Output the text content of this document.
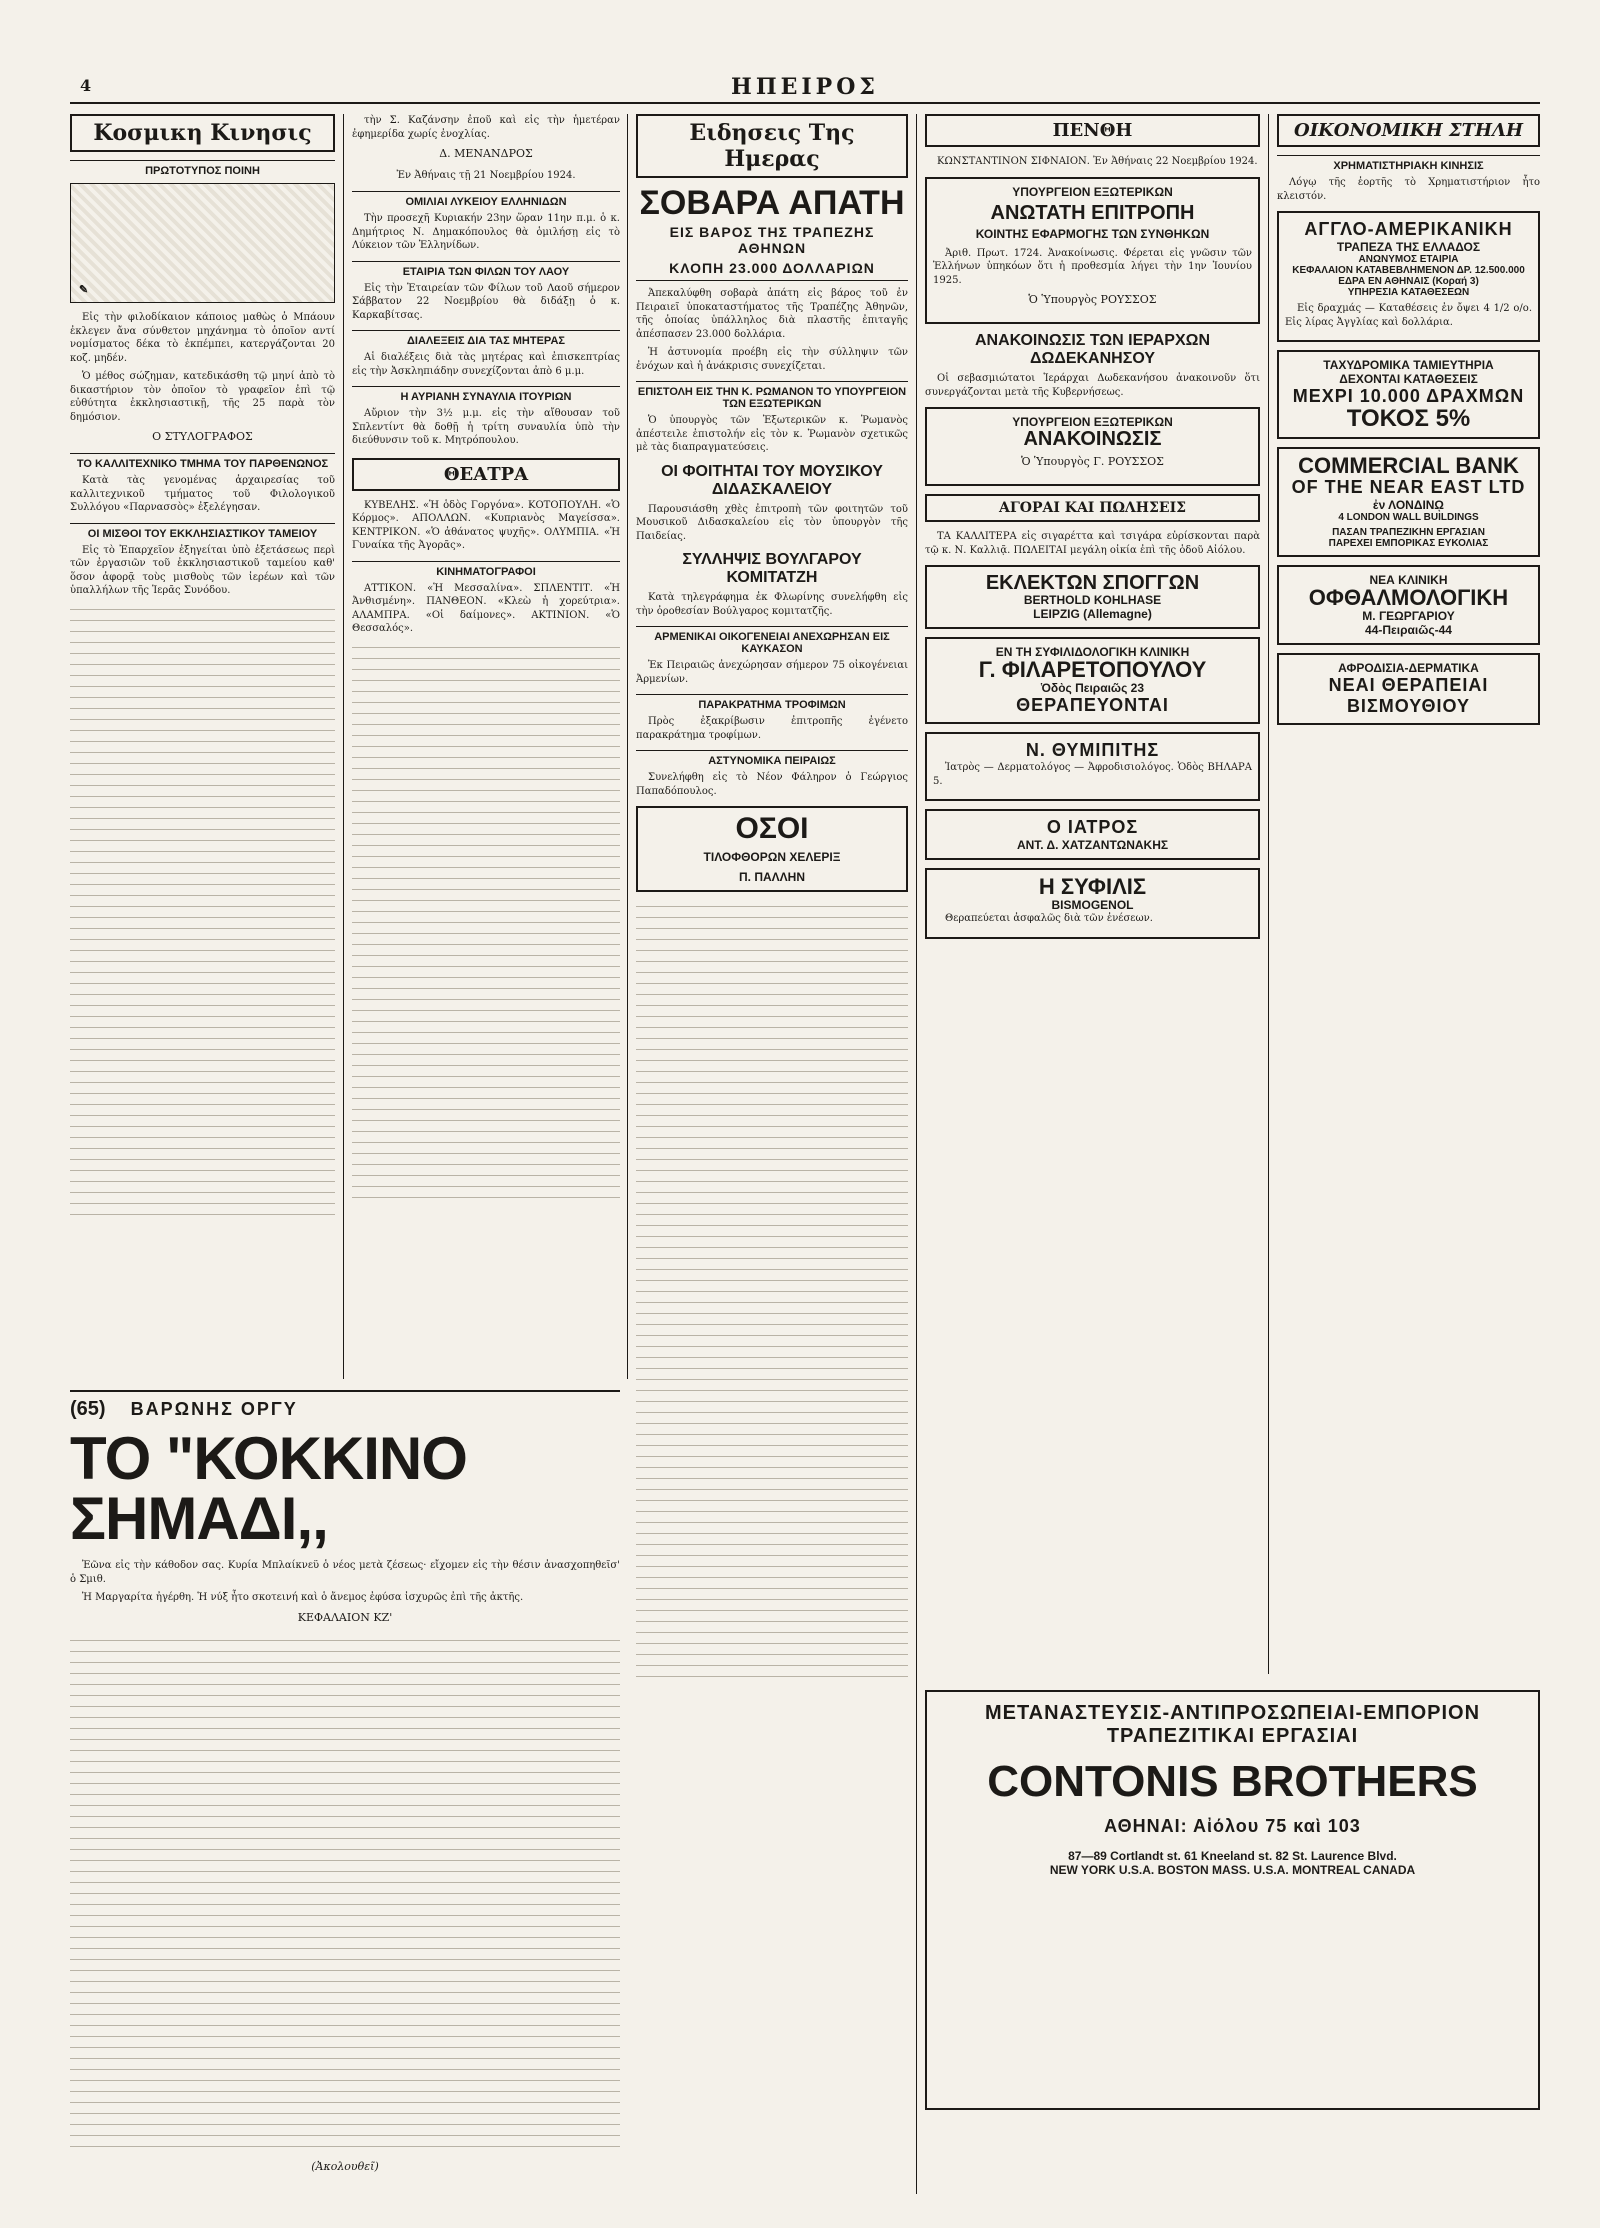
4	ΗΠΕΙΡΟΣ
Κοσμικη Κινησις
ΠΡΩΤΟΤΥΠΟΣ ΠΟΙΝΗ
✎

Εἰς τὴν φιλοδίκαιον κάποιος μαθὼς ὁ Μπάουν ἐκλεγεν ἄνα σύνθετον μηχάνημα τὸ ὁποῖον αντί νομίσματος δέκα τὸ ἐκπέμπει, κατεργάζονται 20 κοζ. μηδέν.

Ὁ μέθος σώζημαν, κατεδικάσθη τῷ μηνί ἀπὸ τὸ δικαστήριον τὸν ὁποῖον τὸ γραφεῖον ἐπὶ τῷ εὐθύτητα ἐκκλησιαστικῇ, τῆς 25 παρὰ τὸν δημόσιον.

Ο ΣΤΥΛΟΓΡΑΦΟΣ
ΤΟ ΚΑΛΛΙΤΕΧΝΙΚΟ ΤΜΗΜΑ ΤΟΥ ΠΑΡΘΕΝΩΝΟΣ

Κατὰ τὰς γενομένας ἀρχαιρεσίας τοῦ καλλιτεχνικοῦ τμήματος τοῦ Φιλολογικοῦ Συλλόγου «Παρνασσὸς» ἐξελέγησαν.

ΟΙ ΜΙΣΘΟΙ ΤΟΥ ΕΚΚΛΗΣΙΑΣΤΙΚΟΥ ΤΑΜΕΙΟΥ

Εἰς τὸ Ἐπαρχεῖον ἐξηγείται ὑπὸ ἐξετάσεως περὶ τῶν ἐργασιῶν τοῦ ἐκκλησιαστικοῦ ταμείου καθ' ὅσον ἀφορᾷ τοὺς μισθοὺς τῶν ἱερέων καὶ τῶν ὑπαλλήλων τῆς Ἱερᾶς Συνόδου.

τὴν Σ. Καζάνσην ἐποῦ καὶ εἰς τὴν ἡμετέραν ἐφημερίδα χωρίς ἐνοχλίας.

Δ. ΜΕΝΑΝΔΡΟΣ
Ἐν Ἀθήναις τῇ 21 Νοεμβρίου 1924.
ΟΜΙΛΙΑΙ ΛΥΚΕΙΟΥ ΕΛΛΗΝΙΔΩΝ

Τὴν προσεχῆ Κυριακήν 23ην ὥραν 11ην π.μ. ὁ κ. Δημήτριος Ν. Δημακόπουλος θὰ ὁμιλήσῃ εἰς τὸ Λύκειον τῶν Ἑλληνίδων.

ΕΤΑΙΡΙΑ ΤΩΝ ΦΙΛΩΝ ΤΟΥ ΛΑΟΥ

Εἰς τὴν Ἑταιρείαν τῶν Φίλων τοῦ Λαοῦ σήμερον Σάββατον 22 Νοεμβρίου θὰ διδάξῃ ὁ κ. Καρκαβίτσας.

ΔΙΑΛΕΞΕΙΣ ΔΙΑ ΤΑΣ ΜΗΤΕΡΑΣ

Αἱ διαλέξεις διὰ τὰς μητέρας καὶ ἐπισκεπτρίας εἰς τὴν Ἀσκληπιάδην συνεχίζονται ἀπὸ 6 μ.μ.

Η ΑΥΡΙΑΝΗ ΣΥΝΑΥΛΙΑ ΙΤΟΥΡΙΩΝ

Αὔριον τὴν 3½ μ.μ. εἰς τὴν αἴθουσαν τοῦ Σπλεντίντ θὰ δοθῇ ἡ τρίτη συναυλία ὑπὸ τὴν διεύθυνσιν τοῦ κ. Μητρόπουλου.

ΘΕΑΤΡΑ

ΚΥΒΕΛΗΣ. «Ἡ ὁδὸς Γοργόνα». ΚΟΤΟΠΟΥΛΗ. «Ὁ Κόρμος». ΑΠΟΛΛΩΝ. «Κυπριανὸς Μαγείσσα». ΚΕΝΤΡΙΚΟΝ. «Ὁ ἀθάνατος ψυχῆς». ΟΛΥΜΠΙΑ. «Ἡ Γυναίκα τῆς Ἀγορᾶς».

ΚΙΝΗΜΑΤΟΓΡΑΦΟΙ

ΑΤΤΙΚΟΝ. «Ἡ Μεσσαλίνα». ΣΠΛΕΝΤΙΤ. «Ἡ Ἀνθισμένη». ΠΑΝΘΕΟΝ. «Κλεὼ ἡ χορεύτρια». ΑΛΑΜΠΡΑ. «Οἱ δαίμονες». ΑΚΤΙΝΙΟΝ. «Ὁ Θεσσαλός».

Ειδησεις Της Ημερας
ΣΟΒΑΡΑ ΑΠΑΤΗ
ΕΙΣ ΒΑΡΟΣ ΤΗΣ ΤΡΑΠΕΖΗΣ ΑΘΗΝΩΝ
ΚΛΟΠΗ 23.000 ΔΟΛΛΑΡΙΩΝ

Ἀπεκαλύφθη σοβαρὰ ἀπάτη εἰς βάρος τοῦ ἐν Πειραιεῖ ὑποκαταστήματος τῆς Τραπέζης Ἀθηνῶν, τῆς ὁποίας ὑπάλληλος διὰ πλαστῆς ἐπιταγῆς ἀπέσπασεν 23.000 δολλάρια.

Ἡ ἀστυνομία προέβη εἰς τὴν σύλληψιν τῶν ἐνόχων καὶ ἡ ἀνάκρισις συνεχίζεται.

ΕΠΙΣΤΟΛΗ ΕΙΣ ΤΗΝ Κ. ΡΩΜΑΝΟΝ ΤΟ ΥΠΟΥΡΓΕΙΟΝ ΤΩΝ ΕΞΩΤΕΡΙΚΩΝ

Ὁ ὑπουργὸς τῶν Ἐξωτερικῶν κ. Ῥωμανὸς ἀπέστειλε ἐπιστολήν εἰς τὸν κ. Ῥωμανὸν σχετικῶς μὲ τὰς διαπραγματεύσεις.

ΟΙ ΦΟΙΤΗΤΑΙ ΤΟΥ ΜΟΥΣΙΚΟΥ ΔΙΔΑΣΚΑΛΕΙΟΥ

Παρουσιάσθη χθὲς ἐπιτροπὴ τῶν φοιτητῶν τοῦ Μουσικοῦ Διδασκαλείου εἰς τὸν ὑπουργὸν τῆς Παιδείας.

ΣΥΛΛΗΨΙΣ ΒΟΥΛΓΑΡΟΥ ΚΟΜΙΤΑΤΖΗ

Κατὰ τηλεγράφημα ἐκ Φλωρίνης συνελήφθη εἰς τὴν ὀροθεσίαν Βούλγαρος κομιτατζῆς.

ΑΡΜΕΝΙΚΑΙ ΟΙΚΟΓΕΝΕΙΑΙ ΑΝΕΧΩΡΗΣΑΝ ΕΙΣ ΚΑΥΚΑΣΟΝ

Ἐκ Πειραιῶς ἀνεχώρησαν σήμερον 75 οἰκογένειαι Ἀρμενίων.

ΠΑΡΑΚΡΑΤΗΜΑ ΤΡΟΦΙΜΩΝ

Πρὸς ἐξακρίβωσιν ἐπιτροπῆς ἐγένετο παρακράτημα τροφίμων.

ΑΣΤΥΝΟΜΙΚΑ ΠΕΙΡΑΙΩΣ

Συνελήφθη εἰς τὸ Νέον Φάληρον ὁ Γεώργιος Παπαδόπουλος.

ΟΣΟΙ
ΤΙΛΟΦΘΟΡΩΝ ΧΕΛΕΡΙΞ
Π. ΠΑΛΛΗΝ
ΠΕΝΘΗ

ΚΩΝΣΤΑΝΤΙΝΟΝ ΣΙΦΝΑΙΟΝ. Ἐν Ἀθήναις 22 Νοεμβρίου 1924.

ΥΠΟΥΡΓΕΙΟΝ ΕΞΩΤΕΡΙΚΩΝ
ΑΝΩΤΑΤΗ ΕΠΙΤΡΟΠΗ
ΚΟΙΝΤΗΣ ΕΦΑΡΜΟΓΗΣ ΤΩΝ ΣΥΝΘΗΚΩΝ

Ἀριθ. Πρωτ. 1724. Ἀνακοίνωσις. Φέρεται εἰς γνῶσιν τῶν Ἑλλήνων ὑπηκόων ὅτι ἡ προθεσμία λήγει τὴν 1ην Ἰουνίου 1925.

Ὁ Ὑπουργὸς ΡΟΥΣΣΟΣ
ΑΝΑΚΟΙΝΩΣΙΣ ΤΩΝ ΙΕΡΑΡΧΩΝ ΔΩΔΕΚΑΝΗΣΟΥ

Οἱ σεβασμιώτατοι Ἱεράρχαι Δωδεκανήσου ἀνακοινοῦν ὅτι συνεργάζονται μετὰ τῆς Κυβερνήσεως.

ΥΠΟΥΡΓΕΙΟΝ ΕΞΩΤΕΡΙΚΩΝ
ΑΝΑΚΟΙΝΩΣΙΣ
Ὁ Ὑπουργὸς Γ. ΡΟΥΣΣΟΣ
ΑΓΟΡΑΙ ΚΑΙ ΠΩΛΗΣΕΙΣ

ΤΑ ΚΑΛΛΙΤΕΡΑ εἰς σιγαρέττα καὶ τσιγάρα εὑρίσκονται παρὰ τῷ κ. Ν. Καλλιᾷ. ΠΩΛΕΙΤΑΙ μεγάλη οἰκία ἐπὶ τῆς ὁδοῦ Αἰόλου.

ΕΚΛΕΚΤΩΝ ΣΠΟΓΓΩΝ
BERTHOLD KOHLHASE
LEIPZIG (Allemagne)
ΕΝ ΤΗ ΣΥΦΙΛΙΔΟΛΟΓΙΚΗ ΚΛΙΝΙΚΗ
Γ. ΦΙΛΑΡΕΤΟΠΟΥΛΟΥ
Ὁδὸς Πειραιῶς 23
ΘΕΡΑΠΕΥΟΝΤΑΙ
Ν. ΘΥΜΙΠΙΤΗΣ

Ἰατρὸς — Δερματολόγος — Ἀφροδισιολόγος. Ὁδὸς ΒΗΛΑΡΑ 5.

Ο ΙΑΤΡΟΣ
ΑΝΤ. Δ. ΧΑΤΖΑΝΤΩΝΑΚΗΣ
Η ΣΥΦΙΛΙΣ
BISMOGENOL

Θεραπεύεται ἀσφαλῶς διὰ τῶν ἐνέσεων.

ΟΙΚΟΝΟΜΙΚΗ ΣΤΗΛΗ
ΧΡΗΜΑΤΙΣΤΗΡΙΑΚΗ ΚΙΝΗΣΙΣ

Λόγῳ τῆς ἑορτῆς τὸ Χρηματιστήριον ἦτο κλειστόν.

ΑΓΓΛΟ-ΑΜΕΡΙΚΑΝΙΚΗ
ΤΡΑΠΕΖΑ ΤΗΣ ΕΛΛΑΔΟΣ
ΑΝΩΝΥΜΟΣ ΕΤΑΙΡΙΑ
ΚΕΦΑΛΑΙΟΝ ΚΑΤΑΒΕΒΛΗΜΕΝΟΝ ΔΡ. 12.500.000
ΕΔΡΑ ΕΝ ΑΘΗΝΑΙΣ (Κοραή 3)
ΥΠΗΡΕΣΙΑ ΚΑΤΑΘΕΣΕΩΝ

Εἰς δραχμάς — Καταθέσεις ἐν ὄψει 4 1/2 ο/ο. Εἰς λίρας Ἀγγλίας καὶ δολλάρια.

ΤΑΧΥΔΡΟΜΙΚΑ ΤΑΜΙΕΥΤΗΡΙΑ
ΔΕΧΟΝΤΑΙ ΚΑΤΑΘΕΣΕΙΣ
ΜΕΧΡΙ 10.000 ΔΡΑΧΜΩΝ
ΤΟΚΟΣ 5%
COMMERCIAL BANK
OF THE NEAR EAST LTD
ἐν ΛΟΝΔΙΝῼ
4 LONDON WALL BUILDINGS
ΠΑΣΑΝ ΤΡΑΠΕΖΙΚΗΝ ΕΡΓΑΣΙΑΝ
ΠΑΡΕΧΕΙ ΕΜΠΟΡΙΚΑΣ ΕΥΚΟΛΙΑΣ
ΝΕΑ ΚΛΙΝΙΚΗ
ΟΦΘΑΛΜΟΛΟΓΙΚΗ
Μ. ΓΕΩΡΓΑΡΙΟΥ
44-Πειραιῶς-44
ΑΦΡΟΔΙΣΙΑ-ΔΕΡΜΑΤΙΚΑ
ΝΕΑΙ ΘΕΡΑΠΕΙΑΙ
ΒΙΣΜΟΥΘΙΟΥ
ΜΕΤΑΝΑΣΤΕΥΣΙΣ-ΑΝΤΙΠΡΟΣΩΠΕΙΑΙ-ΕΜΠΟΡΙΟΝ
ΤΡΑΠΕΖΙΤΙΚΑΙ ΕΡΓΑΣΙΑΙ
CONTONIS BROTHERS
ΑΘΗΝΑΙ: Αἰόλου 75 καὶ 103
87—89 Cortlandt st. 61 Kneeland st. 82 St. Laurence Blvd.
NEW YORK U.S.A. BOSTON MASS. U.S.A. MONTREAL CANADA
(65) ΒΑΡΩΝΗΣ ΟΡΓΥ
ΤΟ "ΚΟΚΚΙΝΟ ΣΗΜΑΔΙ,,

Ἐῶνα εἰς τὴν κάθοδον σας. Κυρία Μπλαίκνεϋ ὁ νέος μετὰ ζέσεως· εἴχομεν εἰς τὴν θέσιν ἀνασχοπηθεῖσ' ὁ Σμιθ.

Ἡ Μαργαρίτα ἠγέρθη. Ἡ νύξ ἦτο σκοτεινή καὶ ὁ ἄνεμος ἐφύσα ἰσχυρῶς ἐπὶ τῆς ἀκτῆς.

ΚΕΦΑΛΑΙΟΝ ΚΖ'
(Ἀκολουθεῖ)
